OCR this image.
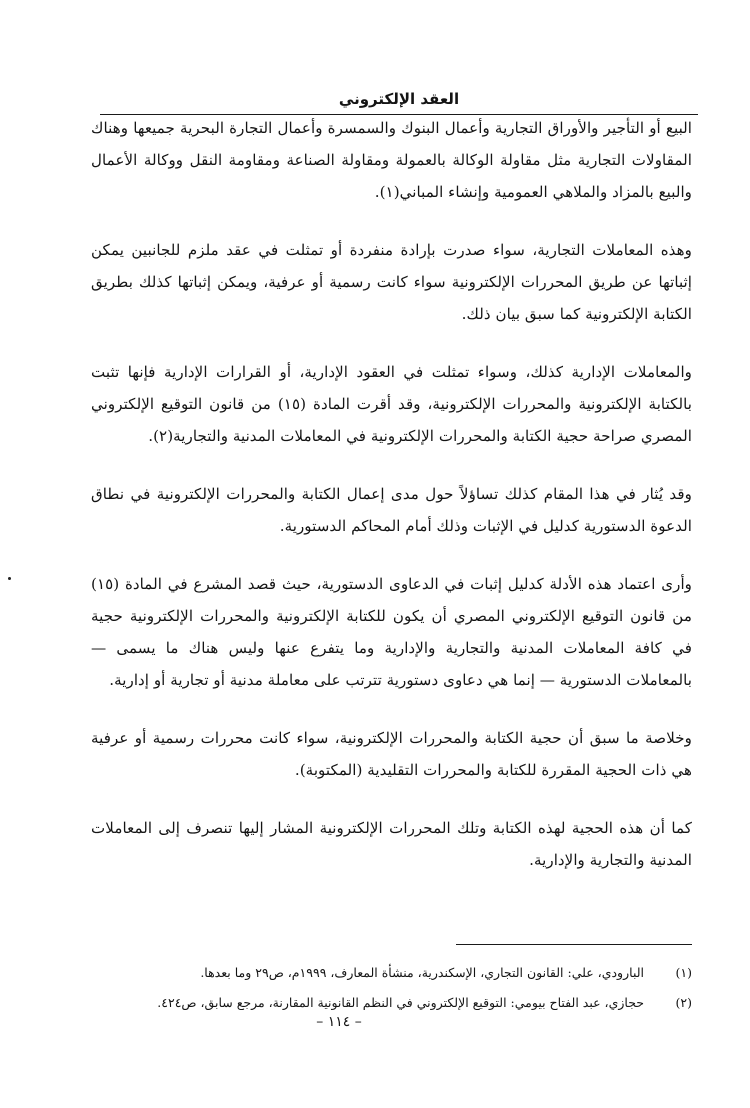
العقد الإلكتروني

البيع أو التأجير والأوراق التجارية وأعمال البنوك والسمسرة وأعمال التجارة البحرية جميعها وهناك المقاولات التجارية مثل مقاولة الوكالة بالعمولة ومقاولة الصناعة ومقاومة النقل ووكالة الأعمال والبيع بالمزاد والملاهي العمومية وإنشاء المباني(١).

وهذه المعاملات التجارية، سواء صدرت بإرادة منفردة أو تمثلت في عقد ملزم للجانبين يمكن إثباتها عن طريق المحررات الإلكترونية سواء كانت رسمية أو عرفية، ويمكن إثباتها كذلك بطريق الكتابة الإلكترونية كما سبق بيان ذلك.

والمعاملات الإدارية كذلك، وسواء تمثلت في العقود الإدارية، أو القرارات الإدارية فإنها تثبت بالكتابة الإلكترونية والمحررات الإلكترونية، وقد أقرت المادة (١٥) من قانون التوقيع الإلكتروني المصري صراحة حجية الكتابة والمحررات الإلكترونية في المعاملات المدنية والتجارية(٢).

وقد يُثار في هذا المقام كذلك تساؤلاً حول مدى إعمال الكتابة والمحررات الإلكترونية في نطاق الدعوة الدستورية كدليل في الإثبات وذلك أمام المحاكم الدستورية.

وأرى اعتماد هذه الأدلة كدليل إثبات في الدعاوى الدستورية، حيث قصد المشرع في المادة (١٥) من قانون التوقيع الإلكتروني المصري أن يكون للكتابة الإلكترونية والمحررات الإلكترونية حجية في كافة المعاملات المدنية والتجارية والإدارية وما يتفرع عنها وليس هناك ما يسمى — بالمعاملات الدستورية — إنما هي دعاوى دستورية تترتب على معاملة مدنية أو تجارية أو إدارية.

وخلاصة ما سبق أن حجية الكتابة والمحررات الإلكترونية، سواء كانت محررات رسمية أو عرفية هي ذات الحجية المقررة للكتابة والمحررات التقليدية (المكتوبة).

كما أن هذه الحجية لهذه الكتابة وتلك المحررات الإلكترونية المشار إليها تنصرف إلى المعاملات المدنية والتجارية والإدارية.

(١)
البارودي، علي: القانون التجاري، الإسكندرية، منشأة المعارف، ١٩٩٩م، ص٢٩ وما بعدها.
(٢)
حجازي، عبد الفتاح بيومي: التوقيع الإلكتروني في النظم القانونية المقارنة، مرجع سابق، ص٤٢٤.
– ١١٤ –
